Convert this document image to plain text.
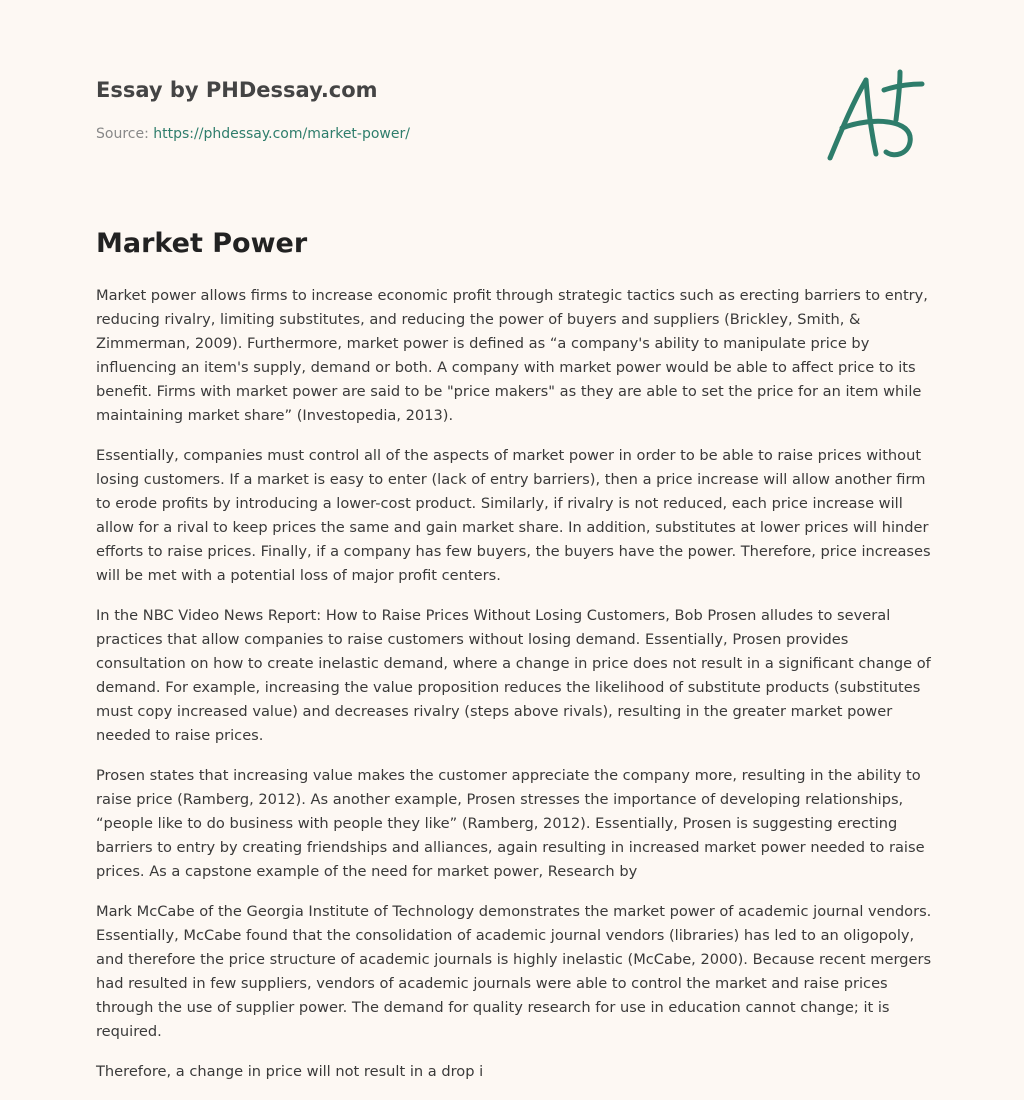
Essay by PHDessay.com
Source: https://phdessay.com/market-power/
Market Power

Market power allows firms to increase economic profit through strategic tactics such as erecting barriers to entry, reducing rivalry, limiting substitutes, and reducing the power of buyers and suppliers (Brickley, Smith, & Zimmerman, 2009). Furthermore, market power is defined as “a company's ability to manipulate price by influencing an item's supply, demand or both. A company with market power would be able to affect price to its benefit. Firms with market power are said to be "price makers" as they are able to set the price for an item while maintaining market share” (Investopedia, 2013).

Essentially, companies must control all of the aspects of market power in order to be able to raise prices without losing customers. If a market is easy to enter (lack of entry barriers), then a price increase will allow another firm to erode profits by introducing a lower-cost product. Similarly, if rivalry is not reduced, each price increase will allow for a rival to keep prices the same and gain market share. In addition, substitutes at lower prices will hinder efforts to raise prices. Finally, if a company has few buyers, the buyers have the power. Therefore, price increases will be met with a potential loss of major profit centers.

In the NBC Video News Report: How to Raise Prices Without Losing Customers, Bob Prosen alludes to several practices that allow companies to raise customers without losing demand. Essentially, Prosen provides consultation on how to create inelastic demand, where a change in price does not result in a significant change of demand. For example, increasing the value proposition reduces the likelihood of substitute products (substitutes must copy increased value) and decreases rivalry (steps above rivals), resulting in the greater market power needed to raise prices.

Prosen states that increasing value makes the customer appreciate the company more, resulting in the ability to raise price (Ramberg, 2012). As another example, Prosen stresses the importance of developing relationships, “people like to do business with people they like” (Ramberg, 2012). Essentially, Prosen is suggesting erecting barriers to entry by creating friendships and alliances, again resulting in increased market power needed to raise prices. As a capstone example of the need for market power, Research by

Mark McCabe of the Georgia Institute of Technology demonstrates the market power of academic journal vendors. Essentially, McCabe found that the consolidation of academic journal vendors (libraries) has led to an oligopoly, and therefore the price structure of academic journals is highly inelastic (McCabe, 2000). Because recent mergers had resulted in few suppliers, vendors of academic journals were able to control the market and raise prices through the use of supplier power. The demand for quality research for use in education cannot change; it is required.

Therefore, a change in price will not result in a drop i
